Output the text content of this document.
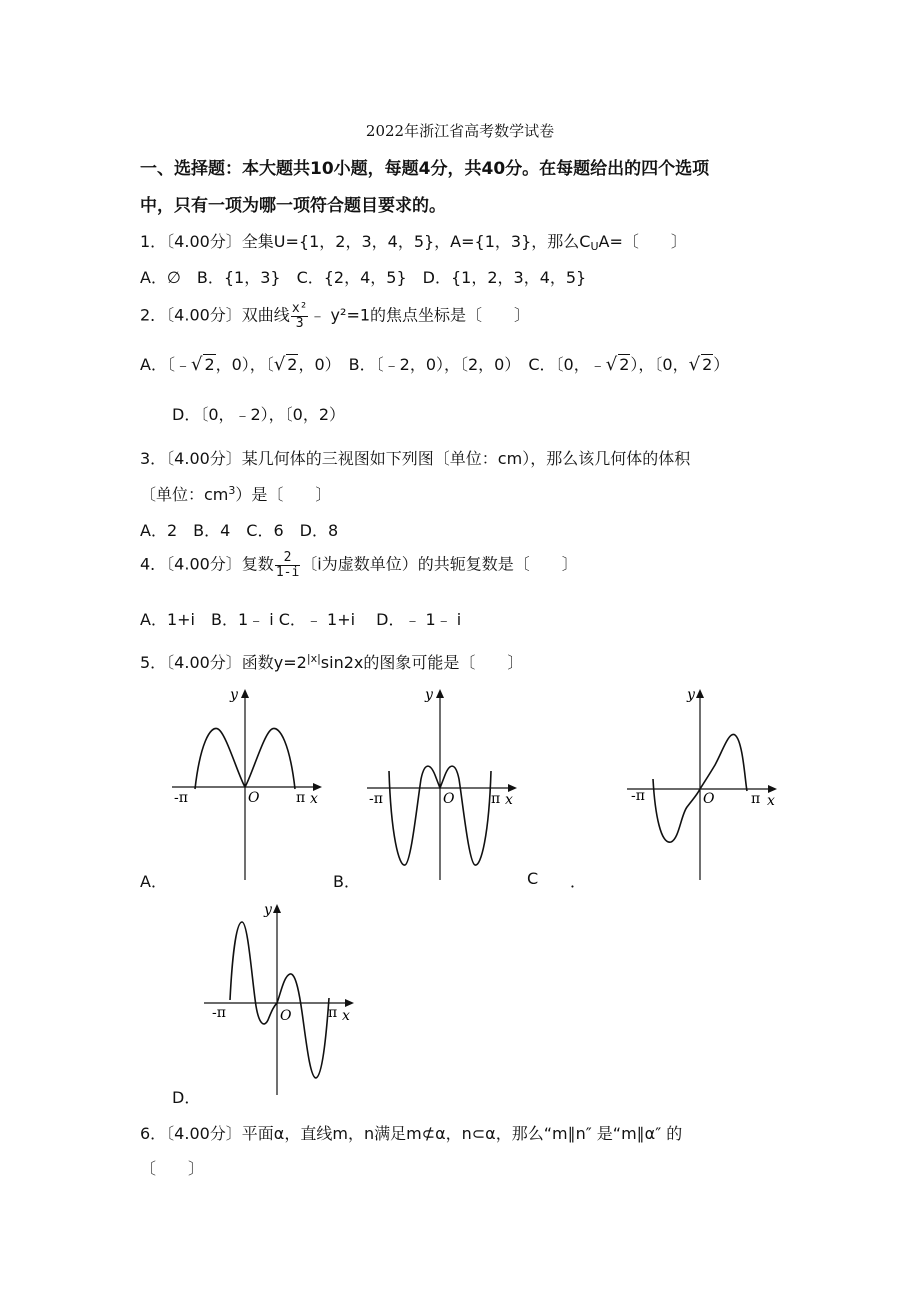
2022年浙江省高考数学试卷
一、选择题：本大题共10小题，每题4分，共40分。在每题给出的四个选项
中，只有一项为哪一项符合题目要求的。
1．〔4.00分〕全集U={1，2，3，4，5}，A={1，3}，那么$C_UA=$〔　　〕
A．∅　B．{1，3}　C．{2，4，5}　D．{1，2，3，4，5}
2．〔4.00分〕双曲线 $\frac{\text{x²}}{3}$ ﹣ y²=1的焦点坐标是〔　　〕
A．〔﹣√ 2，0），〔√ 2，0）　B．〔﹣2，0），〔2，0）　C．〔0，﹣√ 2），〔0，√ 2）
D．〔0，﹣2），〔0，2）
3．〔4.00分〕某几何体的三视图如下列图〔单位：cm），那么该几何体的体积
〔单位：$cm^3$）是〔　　〕
A．2　B．4　C．6　D．8
4．〔4.00分〕复数 $\frac{2}{1-i}$ 〔i为虚数单位）的共轭复数是〔　　〕
A．1+i　B．1﹣ i C．﹣ 1+i　 D．﹣ 1﹣ i
5．〔4.00分〕函数$y=2^{|x|}\sin 2x$的图象可能是〔　　〕
y
x
O
-π	π
A．
y
x
O
-π	π
B．
y
x
O
-π	π
C ．
y
x
O
-π	π
D．
6．〔4.00分〕平面α，直线m，n满足m⊄α，n⊂α，那么“m∥n″ 是“m∥α″ 的
〔　　〕
